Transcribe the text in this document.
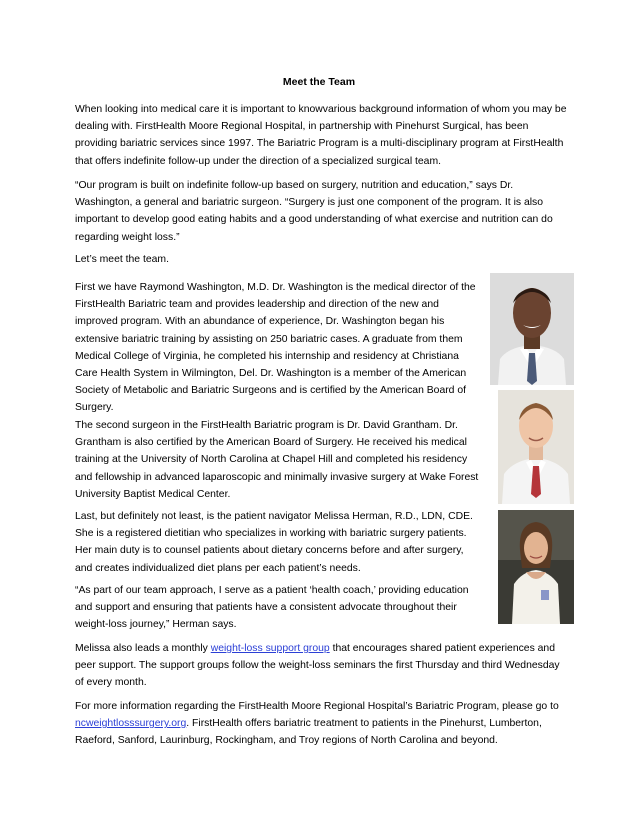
Meet the Team

When looking into medical care it is important to knowvarious background information of whom you may be dealing with. FirstHealth Moore Regional Hospital, in partnership with Pinehurst Surgical, has been providing bariatric services since 1997. The Bariatric Program is a multi-disciplinary program at FirstHealth that offers indefinite follow-up under the direction of a specialized surgical team.

“Our program is built on indefinite follow-up based on surgery, nutrition and education,” says Dr. Washington, a general and bariatric surgeon. “Surgery is just one component of the program. It is also important to develop good eating habits and a good understanding of what exercise and nutrition can do regarding weight loss.”

Let’s meet the team.

First we have Raymond Washington, M.D. Dr. Washington is the medical director of the FirstHealth Bariatric team and provides leadership and direction of the new and improved program. With an abundance of experience, Dr. Washington began his extensive bariatric training by assisting on 250 bariatric cases. A graduate from them Medical College of Virginia, he completed his internship and residency at Christiana Care Health System in Wilmington, Del. Dr. Washington is a member of the American Society of Metabolic and Bariatric Surgeons and is certified by the American Board of Surgery.

The second surgeon in the FirstHealth Bariatric program is Dr. David Grantham. Dr. Grantham is also certified by the American Board of Surgery. He received his medical training at the University of North Carolina at Chapel Hill and completed his residency and fellowship in advanced laparoscopic and minimally invasive surgery at Wake Forest University Baptist Medical Center.

Last, but definitely not least, is the patient navigator Melissa Herman, R.D., LDN, CDE. She is a registered dietitian who specializes in working with bariatric surgery patients. Her main duty is to counsel patients about dietary concerns before and after surgery, and creates individualized diet plans per each patient’s needs.

“As part of our team approach, I serve as a patient ‘health coach,’ providing education and support and ensuring that patients have a consistent advocate throughout their weight-loss journey,” Herman says.

Melissa also leads a monthly weight-loss support group that encourages shared patient experiences and peer support. The support groups follow the weight-loss seminars the first Thursday and third Wednesday of every month.

For more information regarding the FirstHealth Moore Regional Hospital’s Bariatric Program, please go to ncweightlosssurgery.org. FirstHealth offers bariatric treatment to patients in the Pinehurst, Lumberton, Raeford, Sanford, Laurinburg, Rockingham, and Troy regions of North Carolina and beyond.
